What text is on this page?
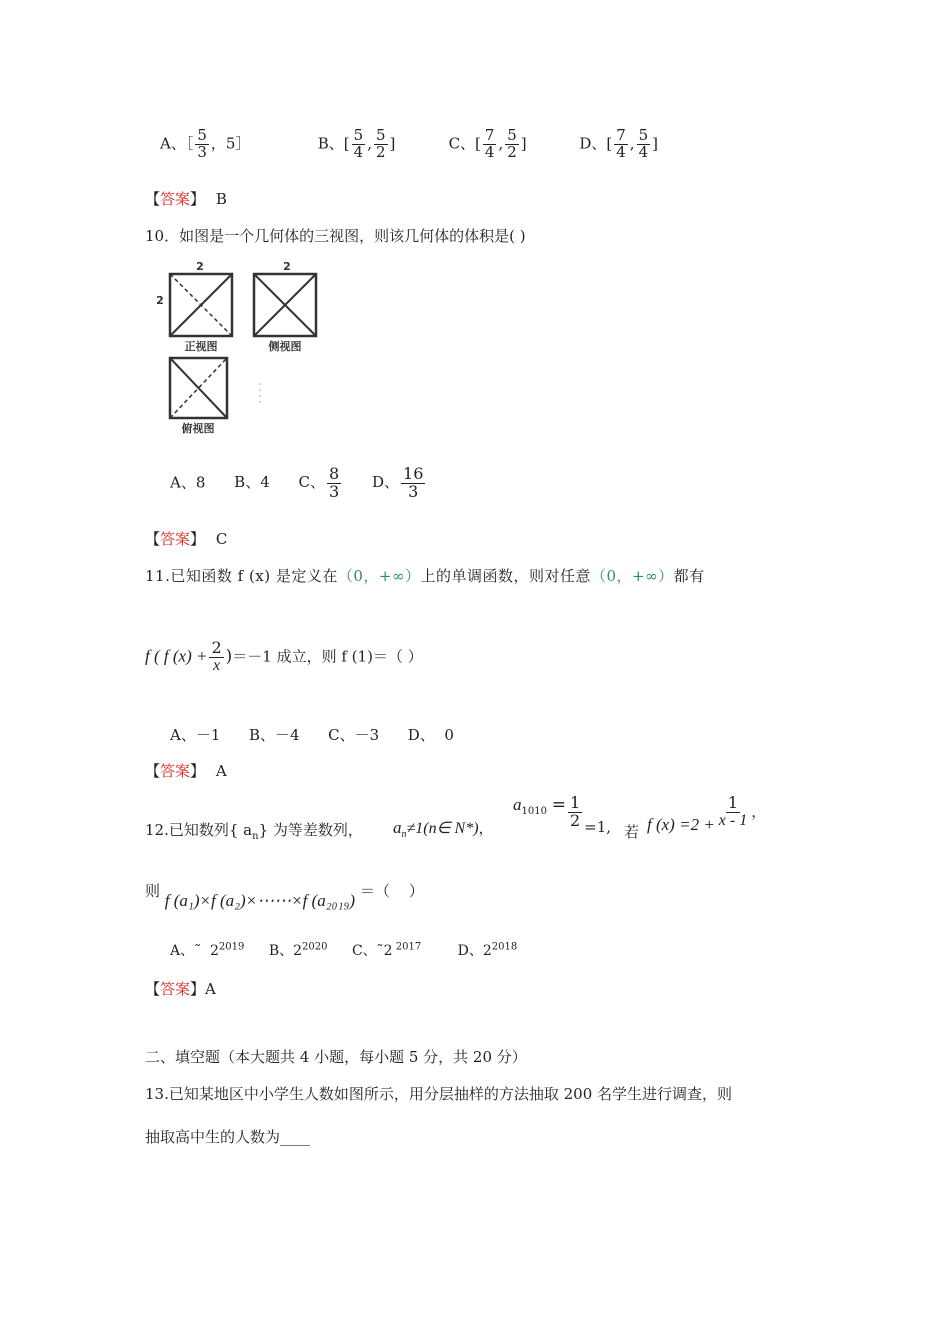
A、［ $\frac{5}{3}$ ，5］	B、[ $\frac{5}{4}$ , $\frac{5}{2}$ ]	C、[ $\frac{7}{4}$ , $\frac{5}{2}$ ]	D、[ $\frac{7}{4}$ , $\frac{5}{4}$ ]
【答案】 B
10．如图是一个几何体的三视图，则该几何体的体积是( )
2
2
正视图
2
侧视图
俯视图
A、8 B、4 C、 $\frac{8}{3}$ D、 $\frac{16}{3}$
【答案】 C
11.已知函数 f (x) 是定义在（0，+∞）上的单调函数，则对任意（0，+∞）都有
f ( f $(x) + \frac{2}{x} )=-1$ 成立，则 f (1)＝（ ）
A、－1      B、－4      C、－3      D、  0
【答案】 A
12.已知数列{ $a_n$} 为等差数列， $a_n\ne 1(n\in$ N*)，
$a_{1010} = \frac{1}{2} =1$, 若 f $(x) =2 + \frac{1}{x - 1}$ ，
则 f (a₁)×f (a₂)×⋯⋯×f (a₂₀₁₉) ＝（    ）
A、˜  $2^{2019}$ B、$2^{2020}$ C、˜2 $^{2017}$	D、$2^{2018}$
【答案】A
二、填空题（本大题共 4 小题，每小题 5 分，共 20 分）
13.已知某地区中小学生人数如图所示，用分层抽样的方法抽取 200 名学生进行调查，则
抽取高中生的人数为____
